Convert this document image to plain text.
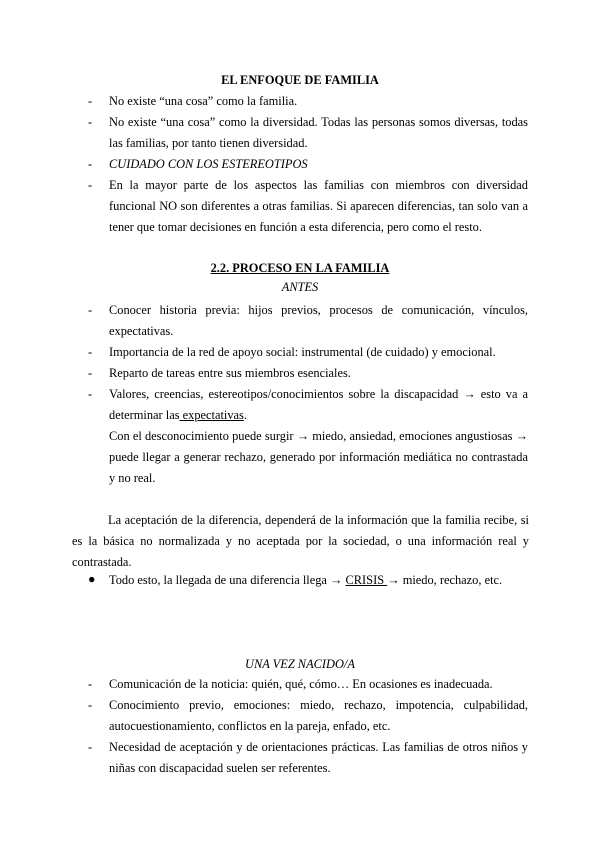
EL ENFOQUE DE FAMILIA
- No existe “una cosa” como la familia.
- No existe “una cosa” como la diversidad. Todas las personas somos diversas, todas las familias, por tanto tienen diversidad.
- CUIDADO CON LOS ESTEREOTIPOS
- En la mayor parte de los aspectos las familias con miembros con diversidad funcional NO son diferentes a otras familias. Si aparecen diferencias, tan solo van a tener que tomar decisiones en función a esta diferencia, pero como el resto.
2.2. PROCESO EN LA FAMILIA
ANTES
- Conocer historia previa: hijos previos, procesos de comunicación, vínculos, expectativas.
- Importancia de la red de apoyo social: instrumental (de cuidado) y emocional.
- Reparto de tareas entre sus miembros esenciales.
- Valores, creencias, estereotipos/conocimientos sobre la discapacidad → esto va a determinar las expectativas.
Con el desconocimiento puede surgir → miedo, ansiedad, emociones angustiosas → puede llegar a generar rechazo, generado por información mediática no contrastada y no real.
La aceptación de la diferencia, dependerá de la información que la familia recibe, si es la básica no normalizada y no aceptada por la sociedad, o una información real y contrastada.
● Todo esto, la llegada de una diferencia llega → CRISIS → miedo, rechazo, etc.
UNA VEZ NACIDO/A
- Comunicación de la noticia: quién, qué, cómo… En ocasiones es inadecuada.
- Conocimiento previo, emociones: miedo, rechazo, impotencia, culpabilidad, autocuestionamiento, conflictos en la pareja, enfado, etc.
- Necesidad de aceptación y de orientaciones prácticas. Las familias de otros niños y niñas con discapacidad suelen ser referentes.
